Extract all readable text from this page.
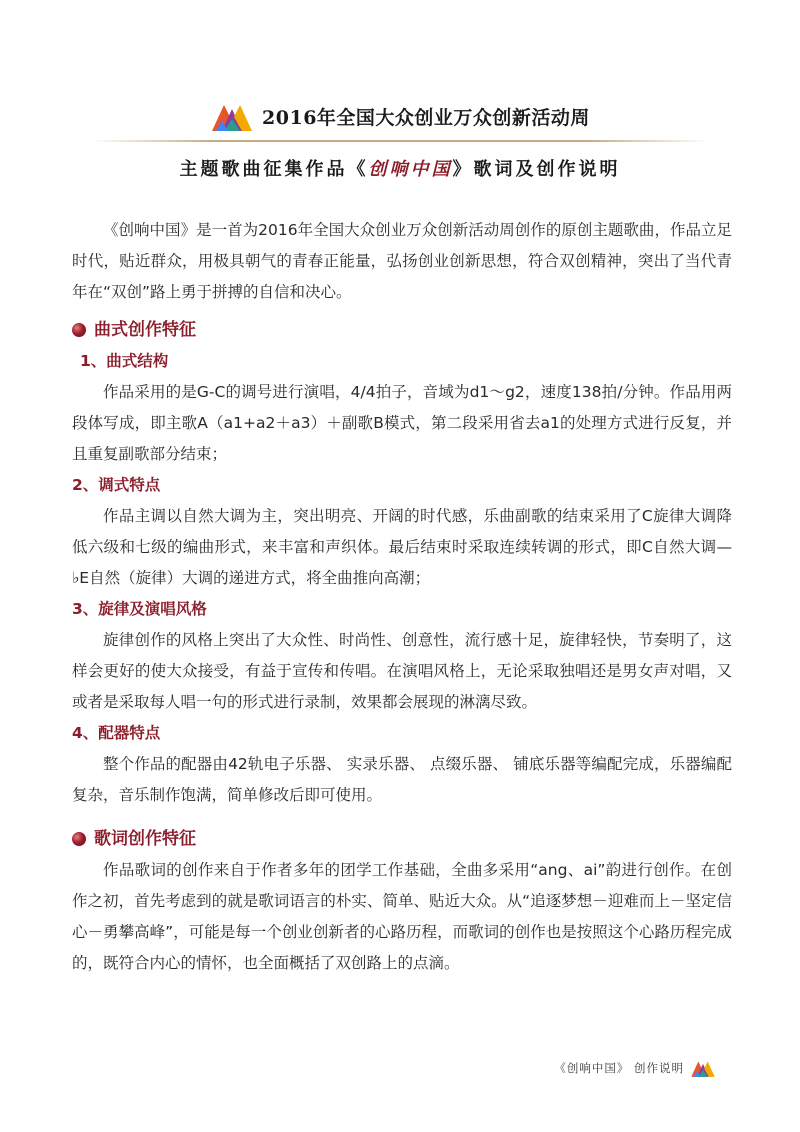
2016年全国大众创业万众创新活动周
主题歌曲征集作品《创响中国》歌词及创作说明

《创响中国》是一首为2016年全国大众创业万众创新活动周创作的原创主题歌曲，作品立足时代，贴近群众，用极具朝气的青春正能量，弘扬创业创新思想，符合双创精神，突出了当代青年在“双创”路上勇于拼搏的自信和决心。

曲式创作特征
1、曲式结构

作品采用的是G-C的调号进行演唱，4/4拍子，音域为d1～g2，速度138拍/分钟。作品用两段体写成，即主歌A（a1+a2＋a3）＋副歌B模式，第二段采用省去a1的处理方式进行反复，并且重复副歌部分结束；

2、调式特点

作品主调以自然大调为主，突出明亮、开阔的时代感，乐曲副歌的结束采用了C旋律大调降低六级和七级的编曲形式，来丰富和声织体。最后结束时采取连续转调的形式，即C自然大调—♭E自然（旋律）大调的递进方式，将全曲推向高潮；

3、旋律及演唱风格

旋律创作的风格上突出了大众性、时尚性、创意性，流行感十足，旋律轻快，节奏明了，这样会更好的使大众接受，有益于宣传和传唱。在演唱风格上，无论采取独唱还是男女声对唱，又或者是采取每人唱一句的形式进行录制，效果都会展现的淋漓尽致。

4、配器特点

整个作品的配器由42轨电子乐器、 实录乐器、 点缀乐器、 铺底乐器等编配完成，乐器编配复杂，音乐制作饱满，简单修改后即可使用。

歌词创作特征

作品歌词的创作来自于作者多年的团学工作基础，全曲多采用“ang、ai”韵进行创作。在创作之初，首先考虑到的就是歌词语言的朴实、简单、贴近大众。从“追逐梦想－迎难而上－坚定信心－勇攀高峰”，可能是每一个创业创新者的心路历程，而歌词的创作也是按照这个心路历程完成的，既符合内心的情怀，也全面概括了双创路上的点滴。

《创响中国》 创作说明
